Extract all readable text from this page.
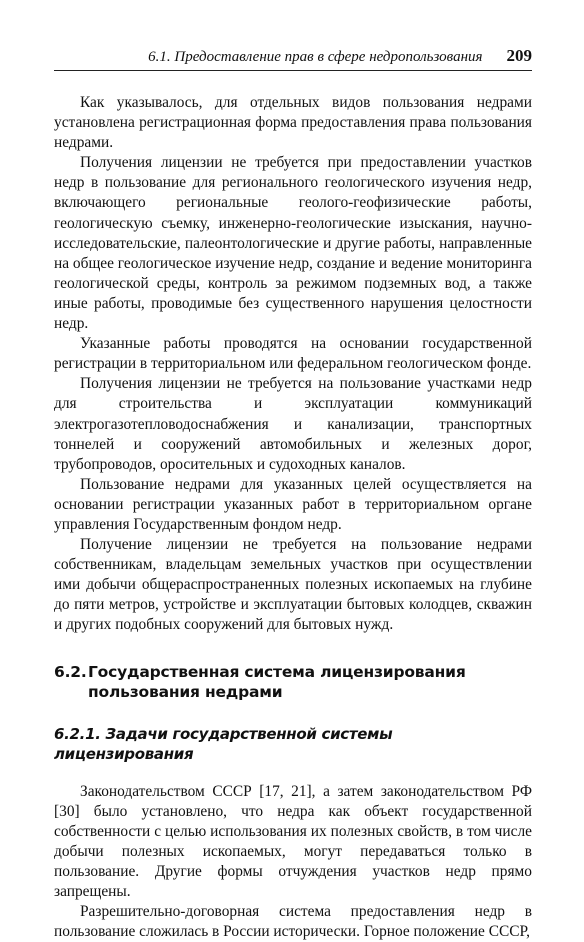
6.1. Предоставление прав в сфере недропользования 209

Как указывалось, для отдельных видов пользования недрами установлена регистрационная форма предоставления права пользования недрами.

Получения лицензии не требуется при предоставлении участков недр в пользование для регионального геологического изучения недр, включающего региональные геолого-геофизические работы, геологическую съемку, инженерно-геологические изыскания, научно-исследовательские, палеонтологические и другие работы, направленные на общее геологическое изучение недр, создание и ведение мониторинга геологической среды, контроль за режимом подземных вод, а также иные работы, проводимые без существенного нарушения целостности недр.

Указанные работы проводятся на основании государственной регистрации в территориальном или федеральном геологическом фонде.

Получения лицензии не требуется на пользование участками недр для строительства и эксплуатации коммуникаций электрогазотепловодоснабжения и канализации, транспортных тоннелей и сооружений автомобильных и железных дорог, трубопроводов, оросительных и судоходных каналов.

Пользование недрами для указанных целей осуществляется на основании регистрации указанных работ в территориальном органе управления Государственным фондом недр.

Получение лицензии не требуется на пользование недрами собственникам, владельцам земельных участков при осуществлении ими добычи общераспространенных полезных ископаемых на глубине до пяти метров, устройстве и эксплуатации бытовых колодцев, скважин и других подобных сооружений для бытовых нужд.

6.2.Государственная система лицензирования
пользования недрами
6.2.1. Задачи государственной системы лицензирования

Законодательством СССР [17, 21], а затем законодательством РФ [30] было установлено, что недра как объект государственной собственности с целью использования их полезных свойств, в том числе добычи полезных ископаемых, могут передаваться только в пользование. Другие формы отчуждения участков недр прямо запрещены.

Разрешительно-договорная система предоставления недр в пользование сложилась в России исторически. Горное положение СССР,
